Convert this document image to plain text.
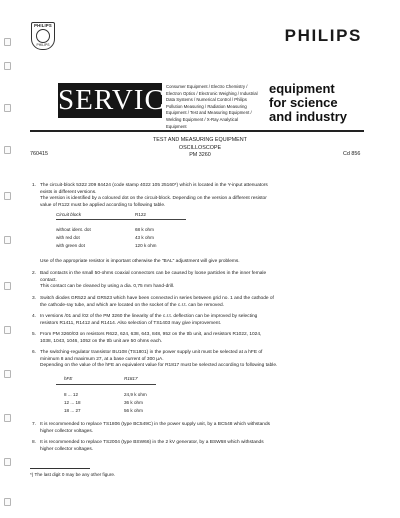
PHILIPS
PHILIPS	PHILIPS
SERVICE
Consumer Equipment / Electro Chemistry / Electron Optics / Electronic Weighing / Industrial Data Systems / Numerical Control / Philips Pollution Measuring / Radiation Measuring Equipment / Test and Measuring Equipment / Welding Equipment / X-Ray Analytical Equipment
equipment
for science
and industry
TEST AND MEASURING EQUIPMENT
OSCILLOSCOPE
PM 3260
760415	Cd 856
1. The circuit-block 5322 209 84424 (code stamp 4022 105 25160*) which is located in the Y-input attenuators
exists in different versions.
The version is identified by a coloured dot on the circuit-block. Depending on the version a different resistor
value of R122 must be applied according to following table.
Circuit block	R122
without ident. dot	68 k ohm
with red dot	43 k ohm
with green dot	120 k ohm
Use of the appropriate resistor is important otherwise the "BAL" adjustment will give problems.
2. Bad contacts in the small 50-ohms coaxial connectors can be caused by loose particles in the inner female
contact.
This contact can be cleaned by using a dia. 0,75 mm hand-drill.
3. Switch diodes GR522 and GR523 which have been connected in series between grid no. 1 and the cathode of
the cathode-ray tube, and which are located on the socket of the c.r.t. can be removed.
4. In versions /01 and /02 of the PM 3260 the linearity of the c.r.t. deflection can be improved by selecting
resistors R1411, R1412 and R1414. Also selection of TS1403 may give improvement.
5. From PM 3260/03 on resistors R622, 624, 638, 643, 848, 952 on the ttb unit, and resistors R1022, 1024,
1038, 1043, 1046, 1052 on the ttb unit are 50 ohms each.
6. The switching-regulator transistor BU108 (TS1801) in the power supply unit must be selected at a hFE of
minimum 8 and maximum 27, at a base current of 300 µA.
Depending on the value of the hFE an equivalent value for R1817 must be selected according to following table.
hFE	R1817
8 ... 12	24,9 k ohm
12 ... 18	36 k ohm
18 ... 27	56 k ohm
7. It is recommended to replace TS1806 (type BC549C) in the power supply unit, by a BC548 which withstands
higher collector voltages.
8. It is recommended to replace TS2004 (type BSW66) in the 2 kV generator, by a BSW68 which withstands
higher collector voltages.
*) The last digit 0 may be any other figure.
